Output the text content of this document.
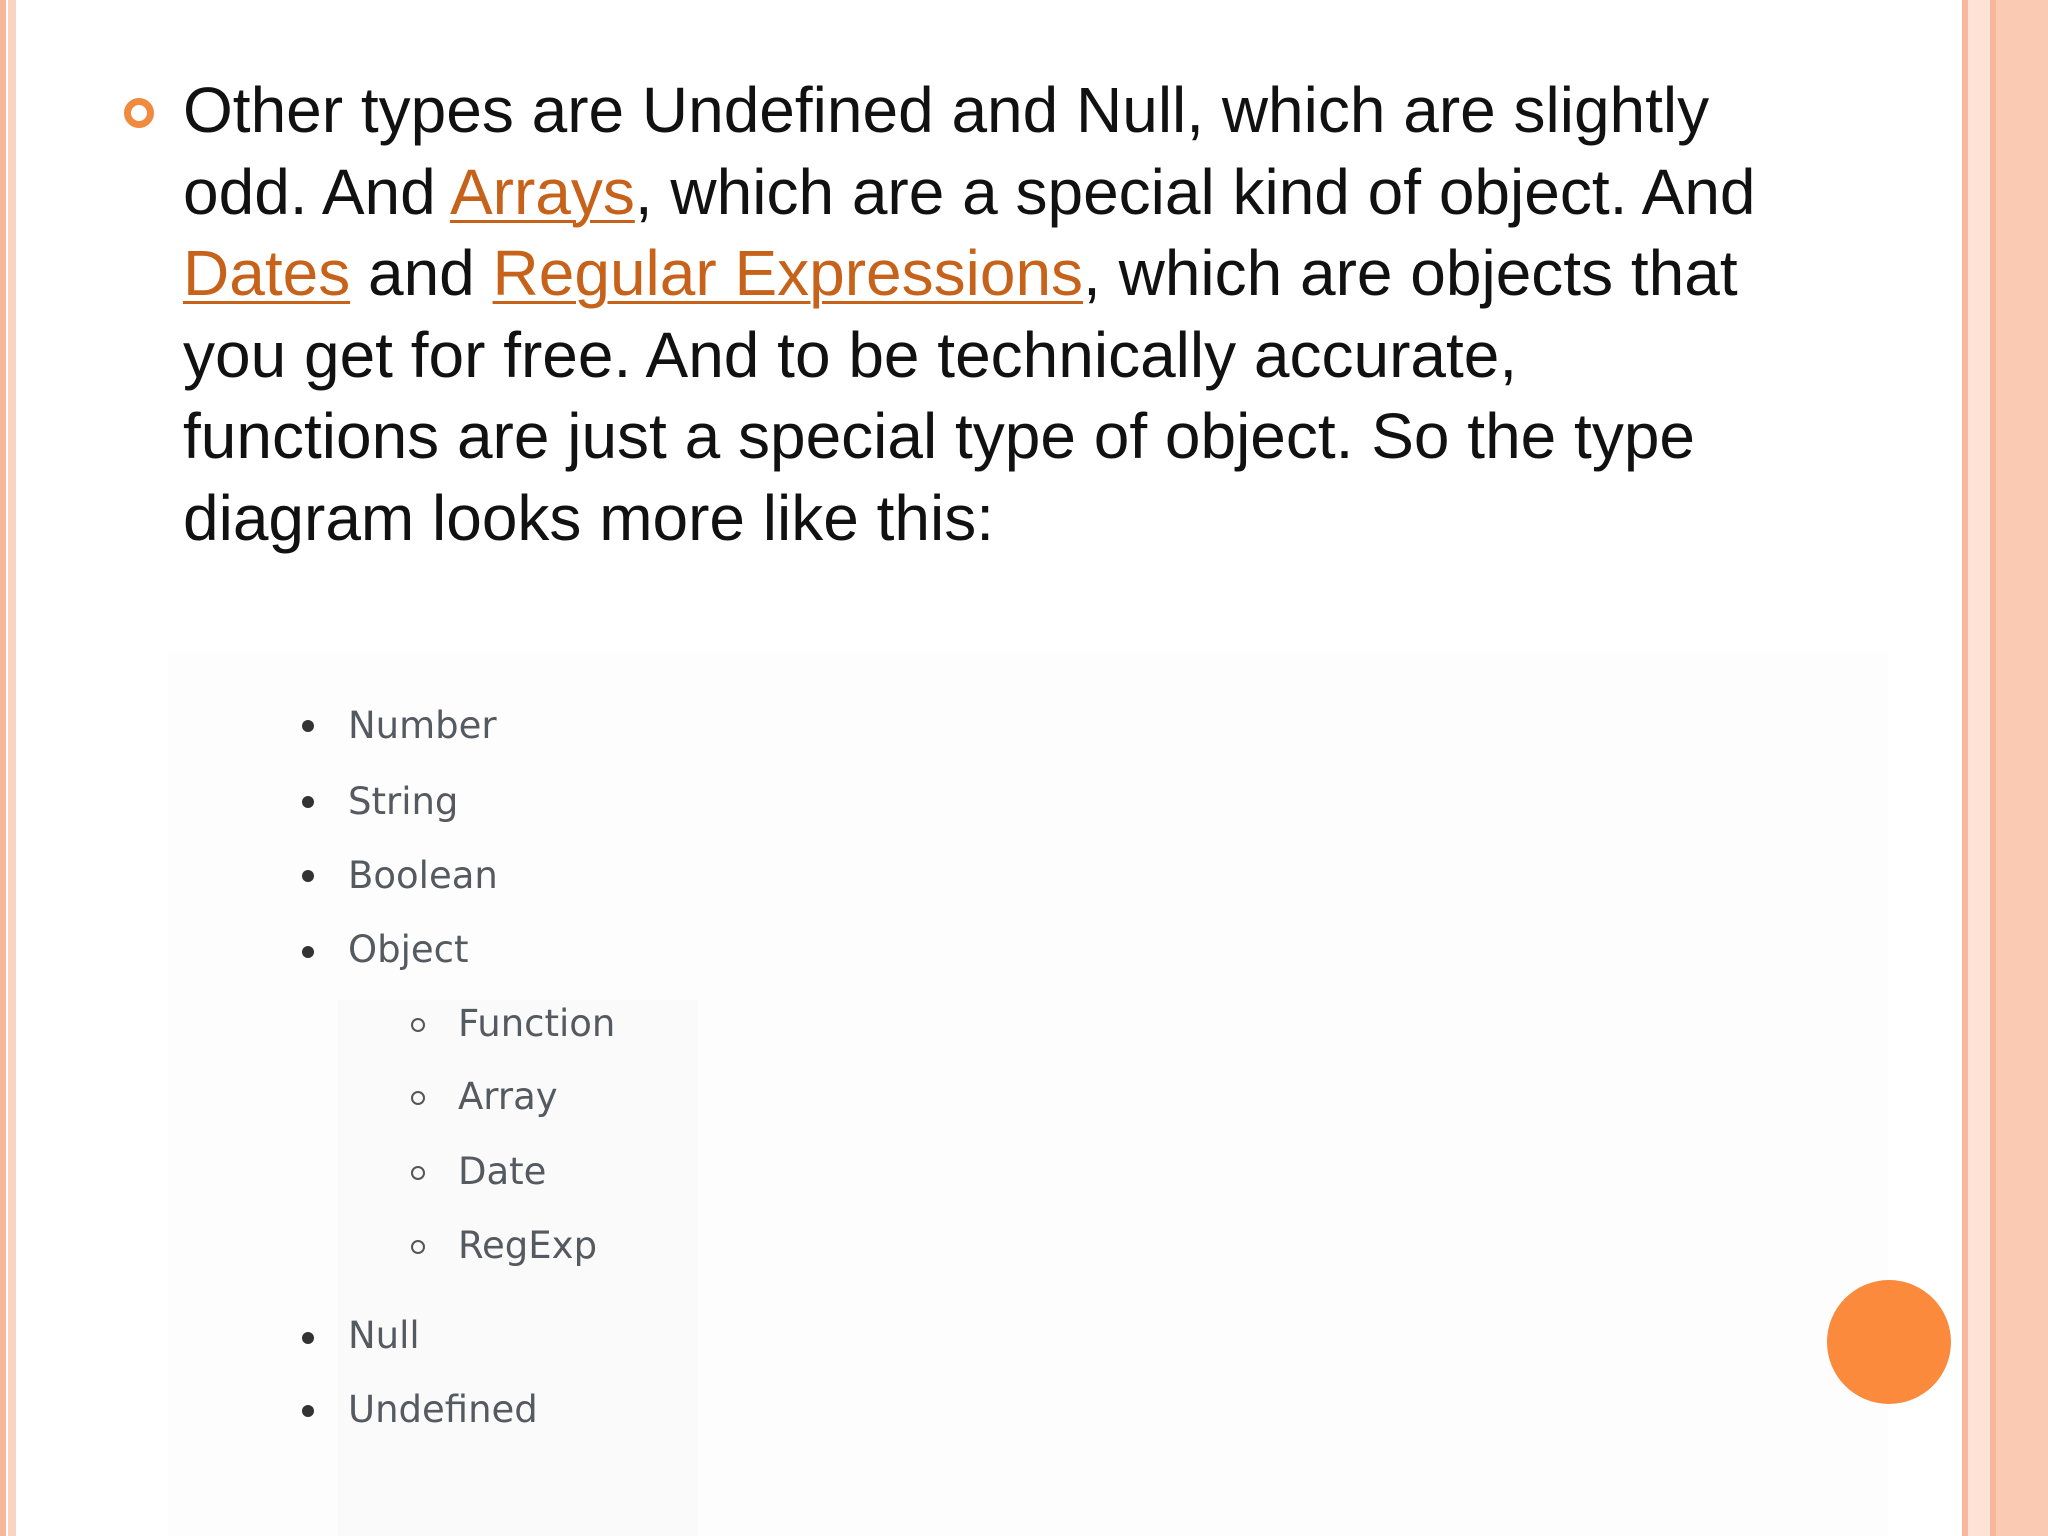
Other types are Undefined and Null, which are slightly odd. And Arrays, which are a special kind of object. And Dates and Regular Expressions, which are objects that you get for free. And to be technically accurate, functions are just a special type of object. So the type diagram looks more like this:
Number
String
Boolean
Object
Function
Array
Date
RegExp
Null
Undefined
